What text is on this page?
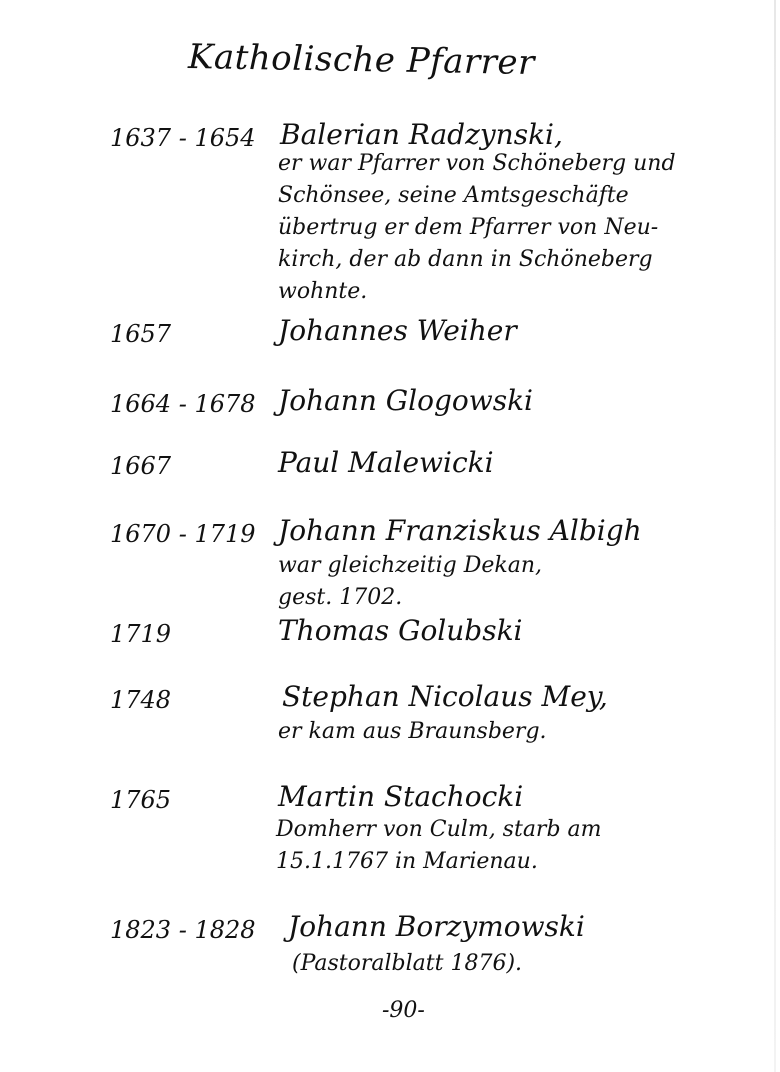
Katholische Pfarrer
1637 - 1654 Balerian Radzynski,
er war Pfarrer von Schöneberg und
Schönsee, seine Amtsgeschäfte
übertrug er dem Pfarrer von Neu-
kirch, der ab dann in Schöneberg
wohnte.
1657	Johannes Weiher
1664 - 1678 Johann Glogowski
1667	Paul Malewicki
1670 - 1719 Johann Franziskus Albigh
war gleichzeitig Dekan,
gest. 1702.
1719	Thomas Golubski
1748	Stephan Nicolaus Mey,
er kam aus Braunsberg.
1765	Martin Stachocki
Domherr von Culm, starb am
15.1.1767 in Marienau.
1823 - 1828 Johann Borzymowski
(Pastoralblatt 1876).
-90-
